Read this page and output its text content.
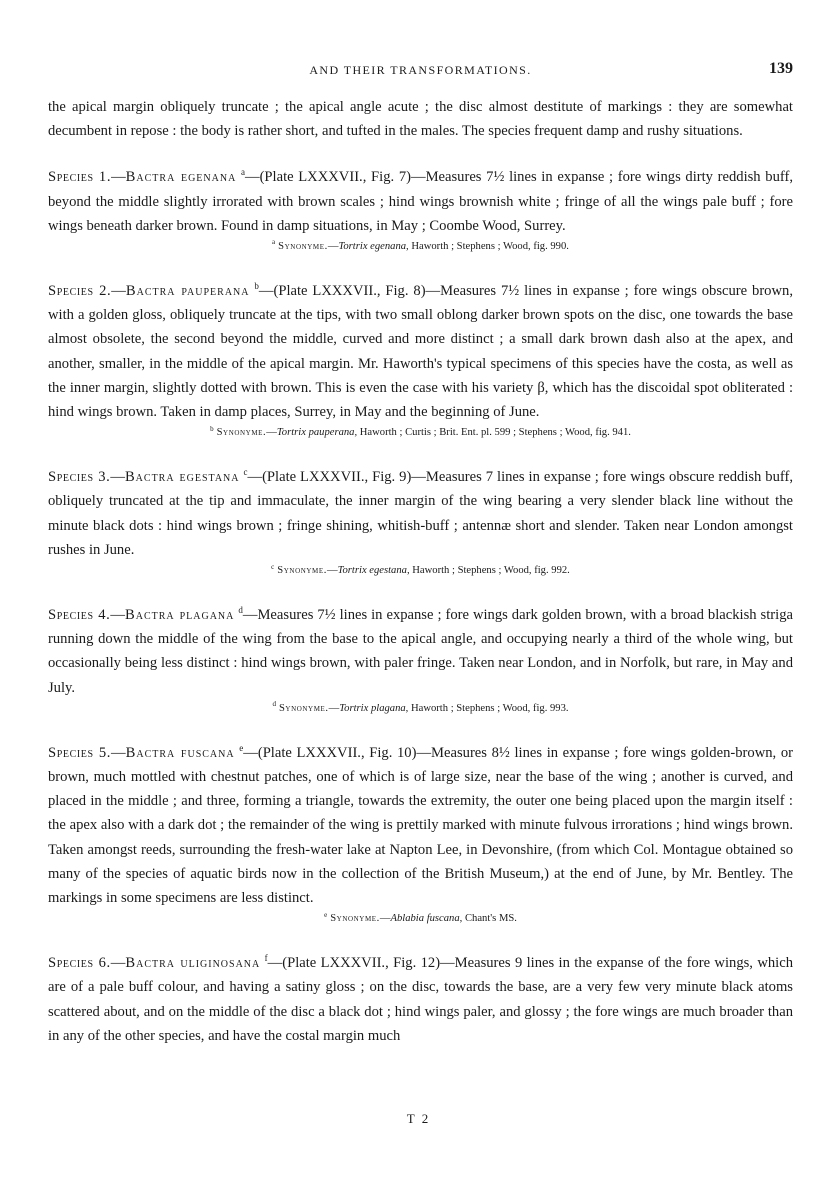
AND THEIR TRANSFORMATIONS.	139

the apical margin obliquely truncate ; the apical angle acute ; the disc almost destitute of markings : they are somewhat decumbent in repose : the body is rather short, and tufted in the males. The species frequent damp and rushy situations.

Species 1.—Bactra egenana $^a$—(Plate LXXXVII., Fig. 7)—Measures 7½ lines in expanse ; fore wings dirty reddish buff, beyond the middle slightly irrorated with brown scales ; hind wings brownish white ; fringe of all the wings pale buff ; fore wings beneath darker brown. Found in damp situations, in May ; Coombe Wood, Surrey.

$^a$ Synonyme.—Tortrix egenana, Haworth ; Stephens ; Wood, fig. 990.

Species 2.—Bactra pauperana $^b$—(Plate LXXXVII., Fig. 8)—Measures 7½ lines in expanse ; fore wings obscure brown, with a golden gloss, obliquely truncate at the tips, with two small oblong darker brown spots on the disc, one towards the base almost obsolete, the second beyond the middle, curved and more distinct ; a small dark brown dash also at the apex, and another, smaller, in the middle of the apical margin. Mr. Haworth's typical specimens of this species have the costa, as well as the inner margin, slightly dotted with brown. This is even the case with his variety β, which has the discoidal spot obliterated : hind wings brown. Taken in damp places, Surrey, in May and the beginning of June.

$^b$ Synonyme.—Tortrix pauperana, Haworth ; Curtis ; Brit. Ent. pl. 599 ; Stephens ; Wood, fig. 941.

Species 3.—Bactra egestana $^c$—(Plate LXXXVII., Fig. 9)—Measures 7 lines in expanse ; fore wings obscure reddish buff, obliquely truncated at the tip and immaculate, the inner margin of the wing bearing a very slender black line without the minute black dots : hind wings brown ; fringe shining, whitish-buff ; antennæ short and slender. Taken near London amongst rushes in June.

$^c$ Synonyme.—Tortrix egestana, Haworth ; Stephens ; Wood, fig. 992.

Species 4.—Bactra plagana $^d$—Measures 7½ lines in expanse ; fore wings dark golden brown, with a broad blackish striga running down the middle of the wing from the base to the apical angle, and occupying nearly a third of the whole wing, but occasionally being less distinct : hind wings brown, with paler fringe. Taken near London, and in Norfolk, but rare, in May and July.

$^d$ Synonyme.—Tortrix plagana, Haworth ; Stephens ; Wood, fig. 993.

Species 5.—Bactra fuscana $^e$—(Plate LXXXVII., Fig. 10)—Measures 8½ lines in expanse ; fore wings golden-brown, or brown, much mottled with chestnut patches, one of which is of large size, near the base of the wing ; another is curved, and placed in the middle ; and three, forming a triangle, towards the extremity, the outer one being placed upon the margin itself : the apex also with a dark dot ; the remainder of the wing is prettily marked with minute fulvous irrorations ; hind wings brown. Taken amongst reeds, surrounding the fresh-water lake at Napton Lee, in Devonshire, (from which Col. Montague obtained so many of the species of aquatic birds now in the collection of the British Museum,) at the end of June, by Mr. Bentley. The markings in some specimens are less distinct.

$^e$ Synonyme.—Ablabia fuscana, Chant's MS.

Species 6.—Bactra uliginosana $^f$—(Plate LXXXVII., Fig. 12)—Measures 9 lines in the expanse of the fore wings, which are of a pale buff colour, and having a satiny gloss ; on the disc, towards the base, are a very few very minute black atoms scattered about, and on the middle of the disc a black dot ; hind wings paler, and glossy ; the fore wings are much broader than in any of the other species, and have the costal margin much

T 2
